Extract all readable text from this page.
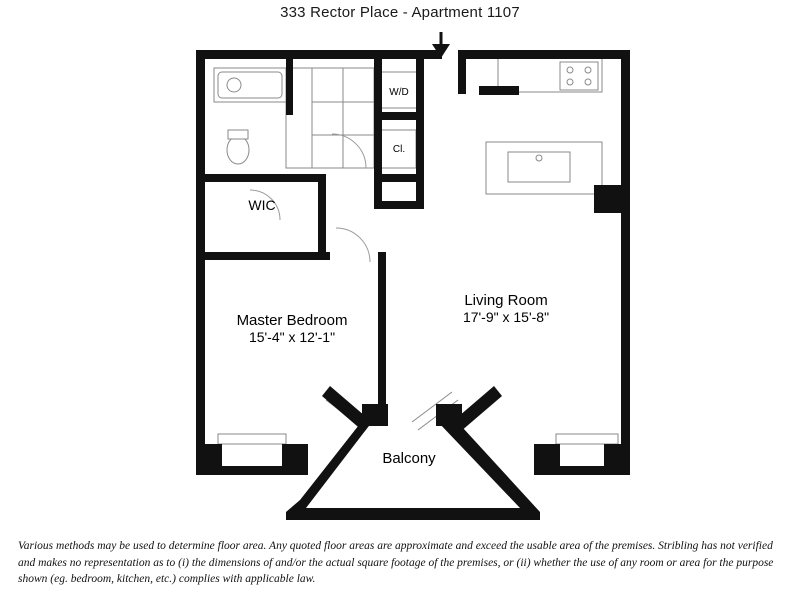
333 Rector Place - Apartment 1107
Master Bedroom
15'-4" x 12'-1"
Living Room
17'-9" x 15'-8"
Balcony
WIC
W/D
Cl.
Various methods may be used to determine floor area. Any quoted floor areas are approximate and exceed the usable area of the premises. Stribling has not verified and makes no representation as to (i) the dimensions of and/or the actual square footage of the premises, or (ii) whether the use of any room or area for the purpose shown (eg. bedroom, kitchen, etc.) complies with applicable law.
